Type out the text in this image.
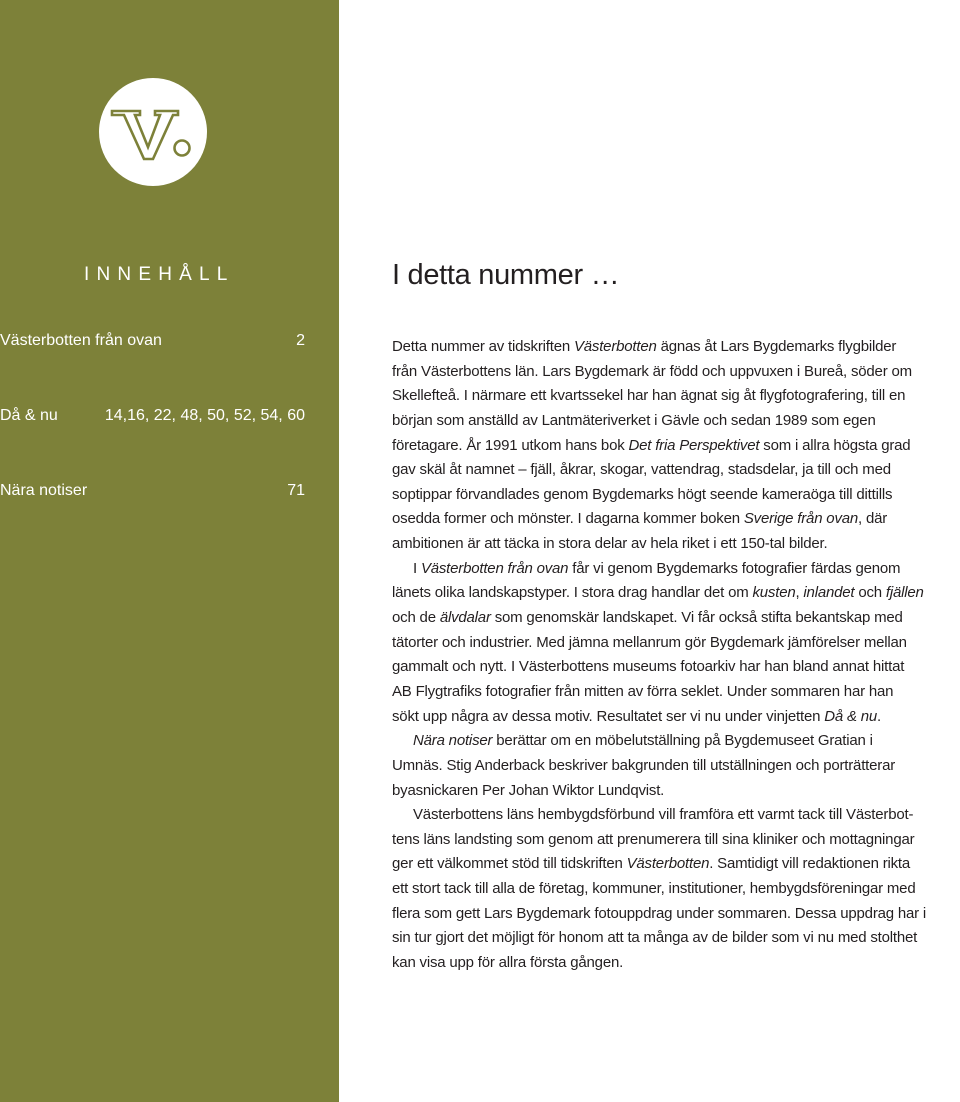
INNEHÅLL
Västerbotten från ovan	2
Då & nu	14,16, 22, 48, 50, 52, 54, 60
Nära notiser	71
I detta nummer …
Detta nummer av tidskriften Västerbotten ägnas åt Lars Bygdemarks flygbilder
från Västerbottens län. Lars Bygdemark är född och uppvuxen i Bureå, söder om
Skellefteå. I närmare ett kvartssekel har han ägnat sig åt flygfotografering, till en
början som anställd av Lantmäteriverket i Gävle och sedan 1989 som egen
företagare. År 1991 utkom hans bok Det fria Perspektivet som i allra högsta grad
gav skäl åt namnet – fjäll, åkrar, skogar, vattendrag, stadsdelar, ja till och med
soptippar förvandlades genom Bygdemarks högt seende kameraöga till dittills
osedda former och mönster. I dagarna kommer boken Sverige från ovan, där
ambitionen är att täcka in stora delar av hela riket i ett 150-tal bilder.
I Västerbotten från ovan får vi genom Bygdemarks fotografier färdas genom
länets olika landskapstyper. I stora drag handlar det om kusten, inlandet och fjällen
och de älvdalar som genomskär landskapet. Vi får också stifta bekantskap med
tätorter och industrier. Med jämna mellanrum gör Bygdemark jämförelser mellan
gammalt och nytt. I Västerbottens museums fotoarkiv har han bland annat hittat
AB Flygtrafiks fotografier från mitten av förra seklet. Under sommaren har han
sökt upp några av dessa motiv. Resultatet ser vi nu under vinjetten Då & nu.
Nära notiser berättar om en möbelutställning på Bygdemuseet Gratian i
Umnäs. Stig Anderback beskriver bakgrunden till utställningen och porträtterar
byasnickaren Per Johan Wiktor Lundqvist.
Västerbottens läns hembygdsförbund vill framföra ett varmt tack till Västerbot-
tens läns landsting som genom att prenumerera till sina kliniker och mottagningar
ger ett välkommet stöd till tidskriften Västerbotten. Samtidigt vill redaktionen rikta
ett stort tack till alla de företag, kommuner, institutioner, hembygdsföreningar med
flera som gett Lars Bygdemark fotouppdrag under sommaren. Dessa uppdrag har i
sin tur gjort det möjligt för honom att ta många av de bilder som vi nu med stolthet
kan visa upp för allra första gången.
